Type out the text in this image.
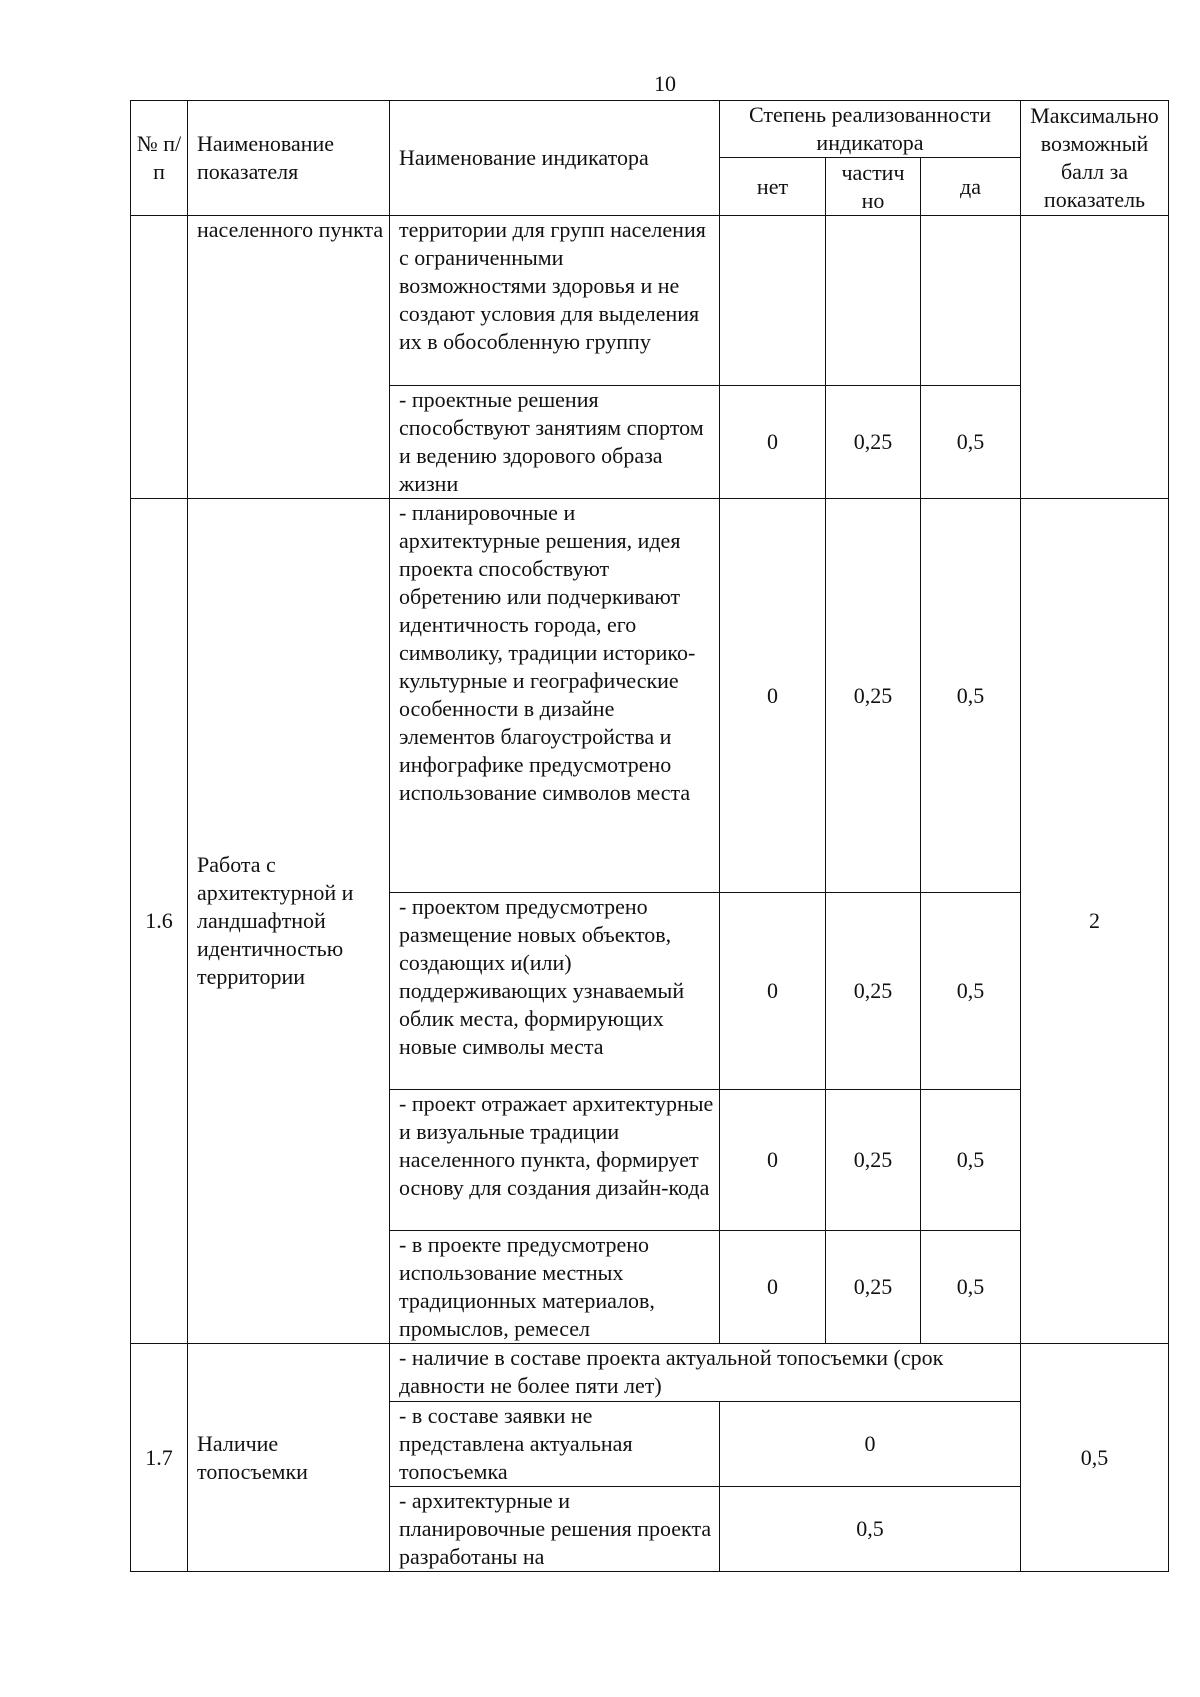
10
№ п/п	Наименование показателя	Наименование индикатора	Степень реализованности индикатора			Максимально возможный балл за показатель
			нет	частич но	да	
	населенного пункта	территории для групп населения с ограниченными возможностями здоровья и не создают условия для выделения их в обособленную группу				
		- проектные решения способствуют занятиям спортом и ведению здорового образа жизни	0	0,25	0,5	
1.6	Работа с архитектурной и ландшафтной идентичностью территории	- планировочные и архитектурные решения, идея проекта способствуют обретению или подчеркивают идентичность города, его символику, традиции историко-культурные и географические особенности в дизайне элементов благоустройства и инфографике предусмотрено использование символов места	0	0,25	0,5	2
		- проектом предусмотрено размещение новых объектов, создающих и(или) поддерживающих узнаваемый облик места, формирующих новые символы места	0	0,25	0,5	
		- проект отражает архитектурные и визуальные традиции населенного пункта, формирует основу для создания дизайн-кода	0	0,25	0,5	
		- в проекте предусмотрено использование местных традиционных материалов, промыслов, ремесел	0	0,25	0,5	
1.7	Наличие топосъемки	- наличие в составе проекта актуальной топосъемки (срок давности не более пяти лет)				0,5
		- в составе заявки не представлена актуальная топосъемка	0			
		- архитектурные и планировочные решения проекта разработаны на	0,5			
